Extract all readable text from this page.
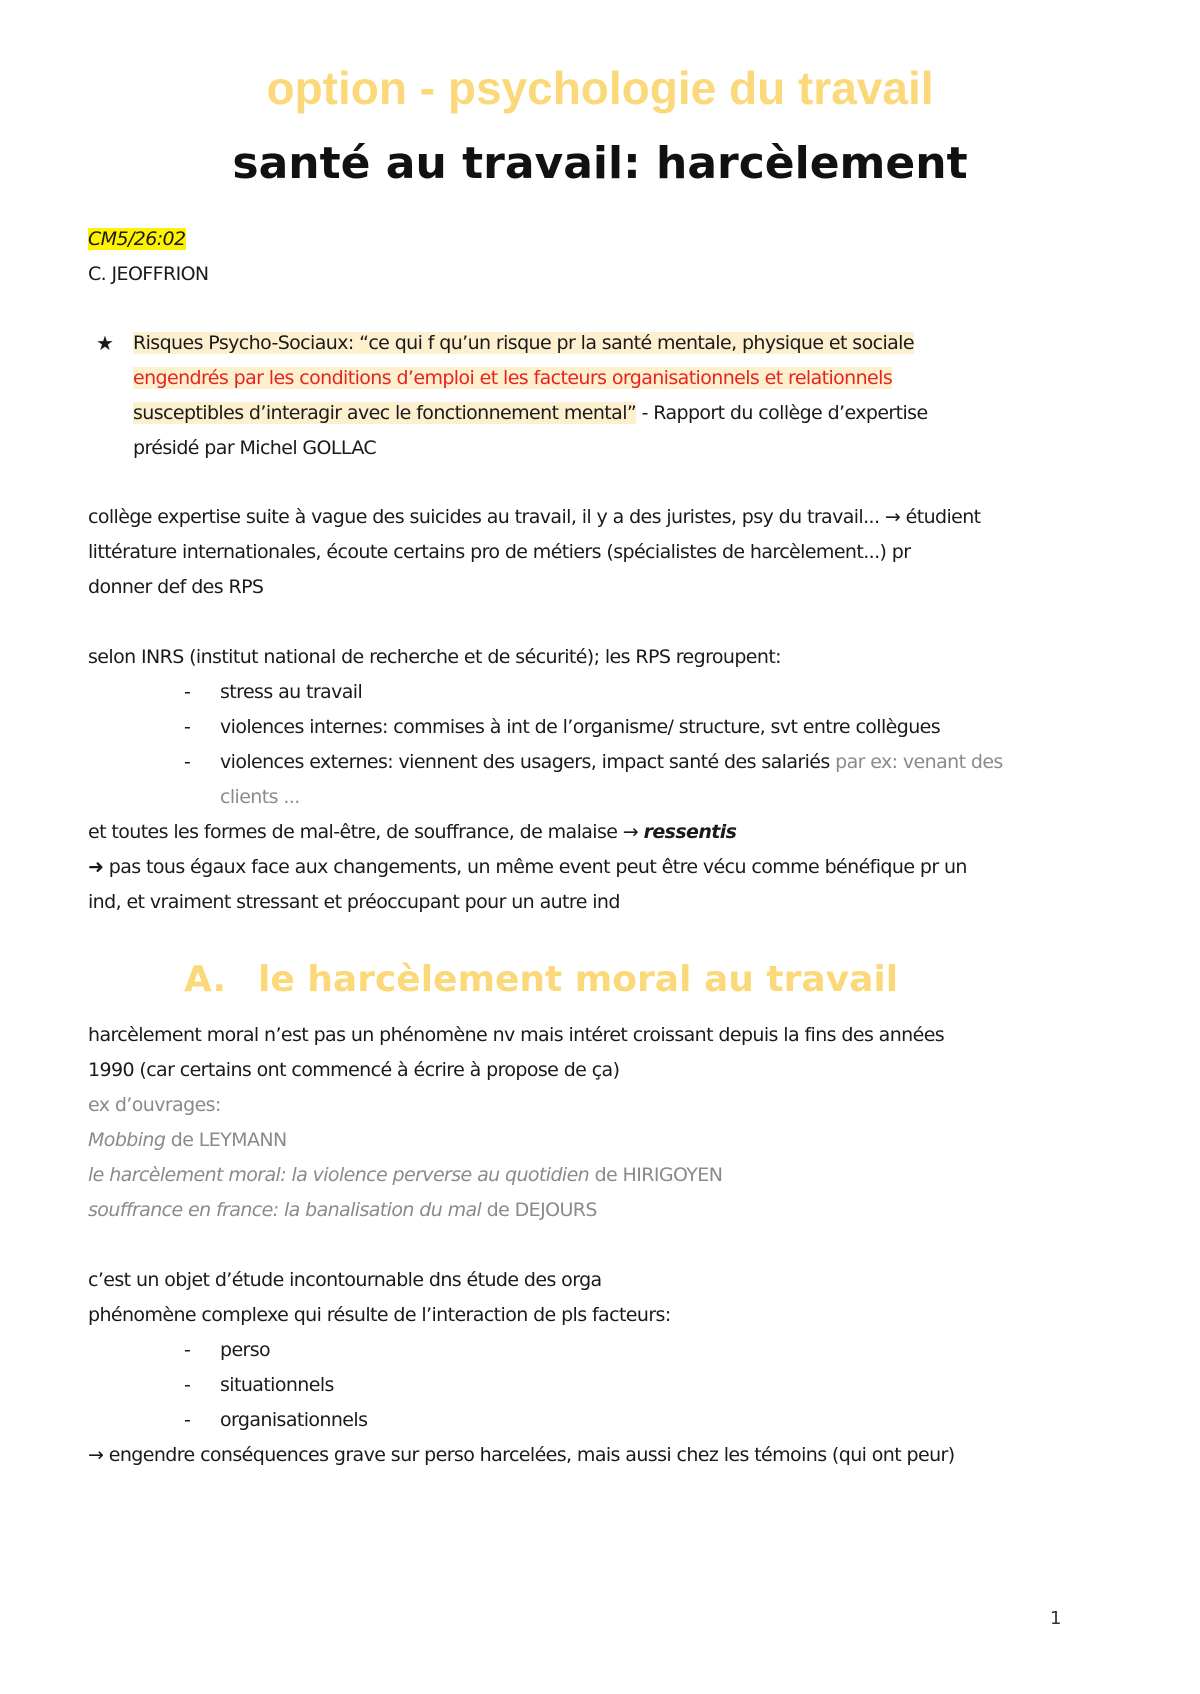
option - psychologie du travail
santé au travail: harcèlement
CM5/26:02
C. JEOFFRION
★ Risques Psycho-Sociaux: “ce qui f qu’un risque pr la santé mentale, physique et sociale
engendrés par les conditions d’emploi et les facteurs organisationnels et relationnels
susceptibles d’interagir avec le fonctionnement mental” - Rapport du collège d’expertise
présidé par Michel GOLLAC
collège expertise suite à vague des suicides au travail, il y a des juristes, psy du travail... → étudient
littérature internationales, écoute certains pro de métiers (spécialistes de harcèlement...) pr
donner def des RPS
selon INRS (institut national de recherche et de sécurité); les RPS regroupent:
- stress au travail
- violences internes: commises à int de l’organisme/ structure, svt entre collègues
- violences externes: viennent des usagers, impact santé des salariés par ex: venant des
clients ...
et toutes les formes de mal-être, de souffrance, de malaise → ressentis
➜ pas tous égaux face aux changements, un même event peut être vécu comme bénéfique pr un
ind, et vraiment stressant et préoccupant pour un autre ind
A. le harcèlement moral au travail
harcèlement moral n’est pas un phénomène nv mais intéret croissant depuis la fins des années
1990 (car certains ont commencé à écrire à propose de ça)
ex d’ouvrages:
Mobbing de LEYMANN
le harcèlement moral: la violence perverse au quotidien de HIRIGOYEN
souffrance en france: la banalisation du mal de DEJOURS
c’est un objet d’étude incontournable dns étude des orga
phénomène complexe qui résulte de l’interaction de pls facteurs:
- perso
- situationnels
- organisationnels
→ engendre conséquences grave sur perso harcelées, mais aussi chez les témoins (qui ont peur)
1
